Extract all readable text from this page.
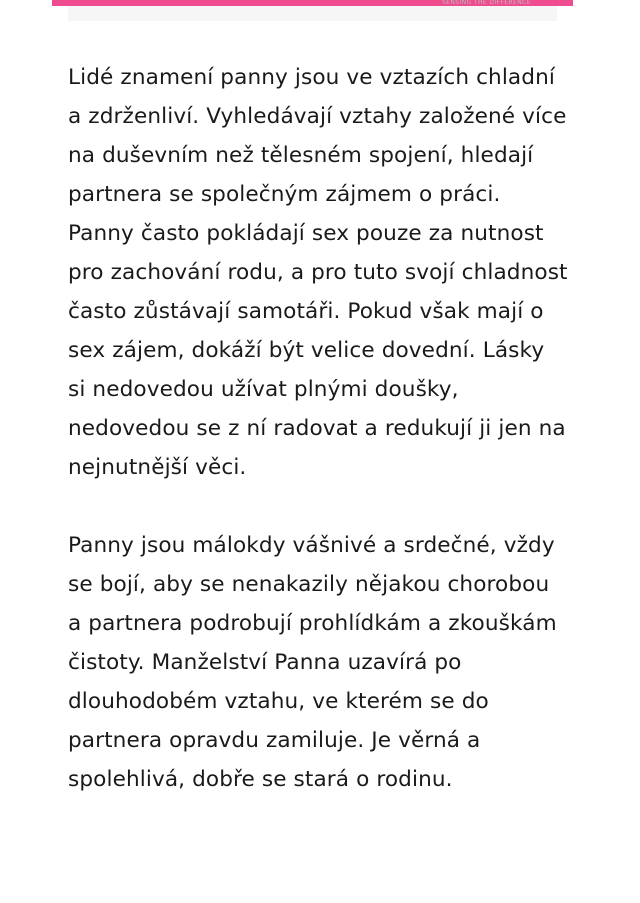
SENSING THE DIFFERENCE

Lidé znamení panny jsou ve vztazích chladní a zdrženliví. Vyhledávají vztahy založené více na duševním než tělesném spojení, hledají partnera se společným zájmem o práci. Panny často pokládají sex pouze za nutnost pro zachování rodu, a pro tuto svojí chladnost často zůstávají samotáři. Pokud však mají o sex zájem, dokáží být velice dovední. Lásky si nedovedou užívat plnými doušky, nedovedou se z ní radovat a redukují ji jen na nejnutnější věci.

Panny jsou málokdy vášnivé a srdečné, vždy se bojí, aby se nenakazily nějakou chorobou a partnera podrobují prohlídkám a zkouškám čistoty. Manželství Panna uzavírá po dlouhodobém vztahu, ve kterém se do partnera opravdu zamiluje. Je věrná a spolehlivá, dobře se stará o rodinu.
